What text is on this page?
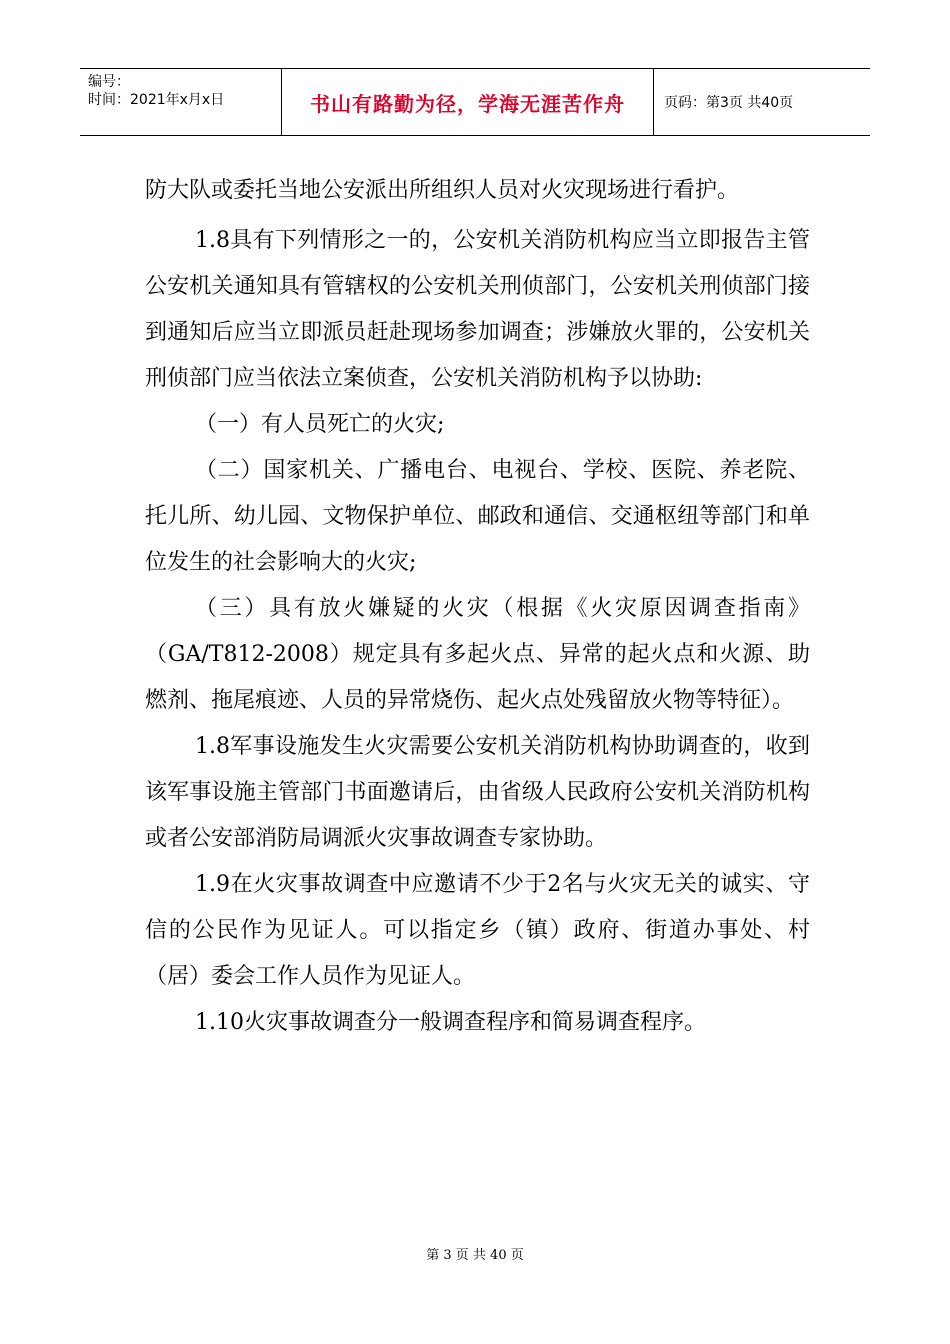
编号：
时间：2021年x月x日	书山有路勤为径，学海无涯苦作舟	页码：第3页 共40页

防大队或委托当地公安派出所组织人员对火灾现场进行看护。

1.8具有下列情形之一的，公安机关消防机构应当立即报告主管公安机关通知具有管辖权的公安机关刑侦部门，公安机关刑侦部门接到通知后应当立即派员赶赴现场参加调查；涉嫌放火罪的，公安机关刑侦部门应当依法立案侦查，公安机关消防机构予以协助:

（一）有人员死亡的火灾;

（二）国家机关、广播电台、电视台、学校、医院、养老院、托儿所、幼儿园、文物保护单位、邮政和通信、交通枢纽等部门和单位发生的社会影响大的火灾;

（三）具有放火嫌疑的火灾（根据《火灾原因调查指南》（GA/T812-2008）规定具有多起火点、异常的起火点和火源、助燃剂、拖尾痕迹、人员的异常烧伤、起火点处残留放火物等特征）。

1.8军事设施发生火灾需要公安机关消防机构协助调查的，收到该军事设施主管部门书面邀请后，由省级人民政府公安机关消防机构或者公安部消防局调派火灾事故调查专家协助。

1.9在火灾事故调查中应邀请不少于2名与火灾无关的诚实、守信的公民作为见证人。可以指定乡（镇）政府、街道办事处、村（居）委会工作人员作为见证人。

1.10火灾事故调查分一般调查程序和简易调查程序。

第 3 页 共 40 页
